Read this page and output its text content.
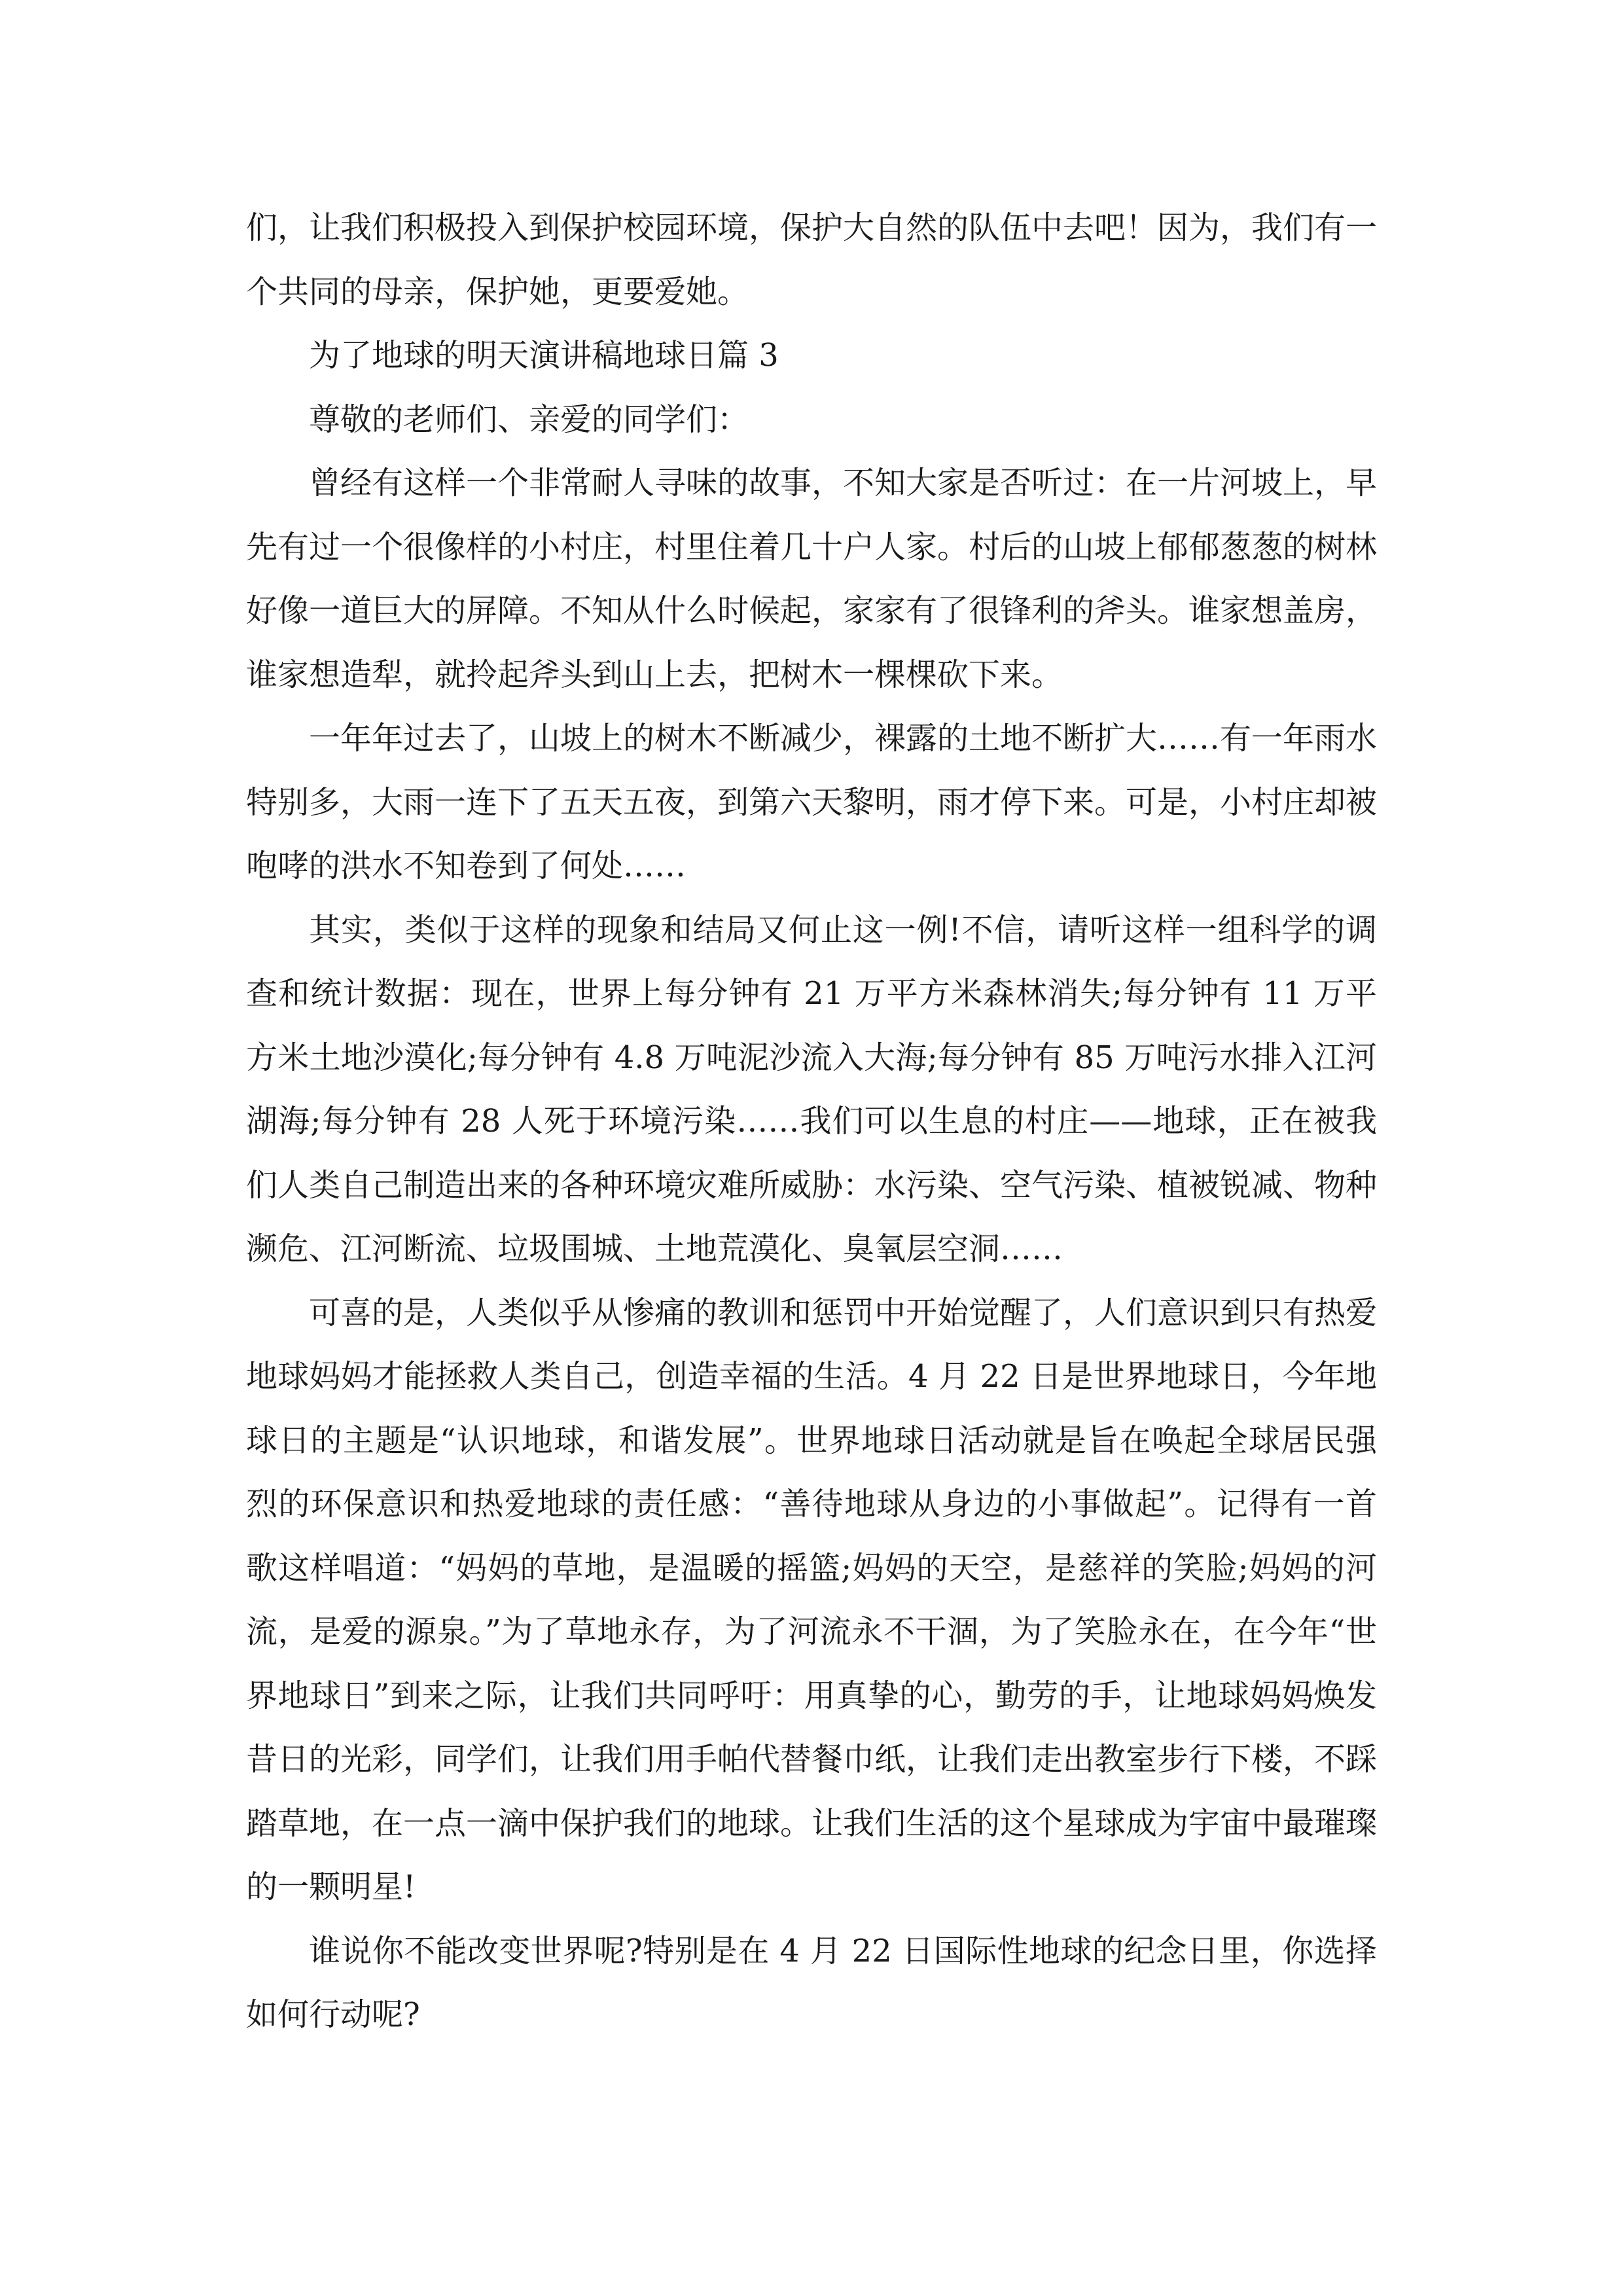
们，让我们积极投入到保护校园环境，保护大自然的队伍中去吧！因为，我们有一个共同的母亲，保护她，更要爱她。

为了地球的明天演讲稿地球日篇 3

尊敬的老师们、亲爱的同学们：

曾经有这样一个非常耐人寻味的故事，不知大家是否听过：在一片河坡上，早先有过一个很像样的小村庄，村里住着几十户人家。村后的山坡上郁郁葱葱的树林好像一道巨大的屏障。不知从什么时候起，家家有了很锋利的斧头。谁家想盖房，谁家想造犁，就拎起斧头到山上去，把树木一棵棵砍下来。

一年年过去了，山坡上的树木不断减少，裸露的土地不断扩大……有一年雨水特别多，大雨一连下了五天五夜，到第六天黎明，雨才停下来。可是，小村庄却被咆哮的洪水不知卷到了何处……

其实，类似于这样的现象和结局又何止这一例!不信，请听这样一组科学的调查和统计数据：现在，世界上每分钟有 21 万平方米森林消失;每分钟有 11 万平方米土地沙漠化;每分钟有 4.8 万吨泥沙流入大海;每分钟有 85 万吨污水排入江河湖海;每分钟有 28 人死于环境污染……我们可以生息的村庄——地球，正在被我们人类自己制造出来的各种环境灾难所威胁：水污染、空气污染、植被锐减、物种濒危、江河断流、垃圾围城、土地荒漠化、臭氧层空洞……

可喜的是，人类似乎从惨痛的教训和惩罚中开始觉醒了，人们意识到只有热爱地球妈妈才能拯救人类自己，创造幸福的生活。4 月 22 日是世界地球日，今年地球日的主题是“认识地球，和谐发展”。世界地球日活动就是旨在唤起全球居民强烈的环保意识和热爱地球的责任感：“善待地球从身边的小事做起”。记得有一首歌这样唱道：“妈妈的草地，是温暖的摇篮;妈妈的天空，是慈祥的笑脸;妈妈的河流，是爱的源泉。”为了草地永存，为了河流永不干涸，为了笑脸永在，在今年“世界地球日”到来之际，让我们共同呼吁：用真挚的心，勤劳的手，让地球妈妈焕发昔日的光彩，同学们，让我们用手帕代替餐巾纸，让我们走出教室步行下楼，不踩踏草地，在一点一滴中保护我们的地球。让我们生活的这个星球成为宇宙中最璀璨的一颗明星!

谁说你不能改变世界呢?特别是在 4 月 22 日国际性地球的纪念日里，你选择如何行动呢?
